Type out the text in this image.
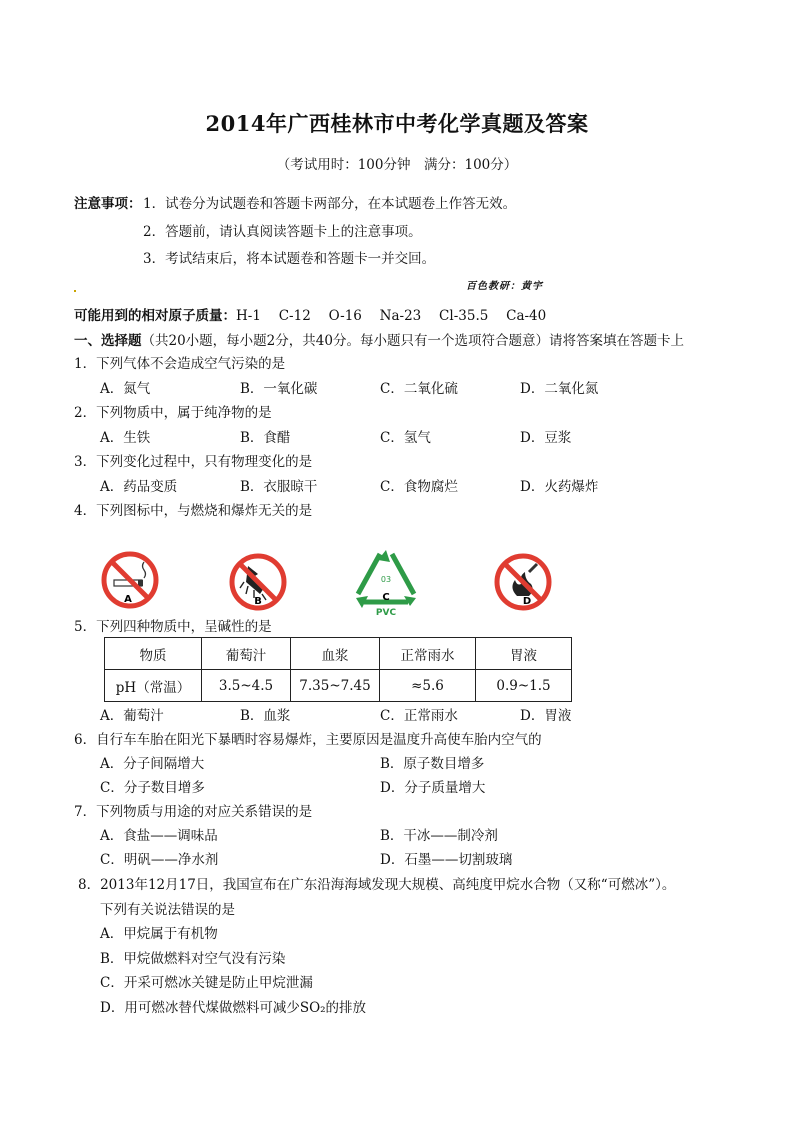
2014年广西桂林市中考化学真题及答案
（考试用时：100分钟　满分：100分）
注意事项： 1．试卷分为试题卷和答题卡两部分，在本试题卷上作答无效。
2．答题前，请认真阅读答题卡上的注意事项。
3．考试结束后，将本试题卷和答题卡一并交回。
百色教研：黄宇
可能用到的相对原子质量：H-1　 C-12　 O-16　 Na-23　 Cl-35.5　 Ca-40
一、选择题（共20小题，每小题2分，共40分。每小题只有一个选项符合题意）请将答案填在答题卡上
1．下列气体不会造成空气污染的是
A．氮气	B．一氧化碳	C．二氧化硫	D．二氧化氮
2．下列物质中，属于纯净物的是
A．生铁	B．食醋	C．氢气	D．豆浆
3．下列变化过程中，只有物理变化的是
A．药品变质	B．衣服晾干	C．食物腐烂	D．火药爆炸
4．下列图标中，与燃烧和爆炸无关的是
A	B
03
C
PVC
D
5．下列四种物质中，呈碱性的是
物质	葡萄汁	血浆	正常雨水	胃液
pH（常温）	3.5~4.5	7.35~7.45	≈5.6	0.9~1.5
A．葡萄汁	B．血浆	C．正常雨水	D．胃液
6．自行车车胎在阳光下暴晒时容易爆炸，主要原因是温度升高使车胎内空气的
A．分子间隔增大	B．原子数目增多
C．分子数目增多	D．分子质量增大
7．下列物质与用途的对应关系错误的是
A．食盐——调味品	B．干冰——制冷剂
C．明矾——净水剂	D．石墨——切割玻璃
8．2013年12月17日，我国宣布在广东沿海海域发现大规模、高纯度甲烷水合物（又称“可燃冰”）。
下列有关说法错误的是
A．甲烷属于有机物
B．甲烷做燃料对空气没有污染
C．开采可燃冰关键是防止甲烷泄漏
D．用可燃冰替代煤做燃料可减少SO₂的排放
